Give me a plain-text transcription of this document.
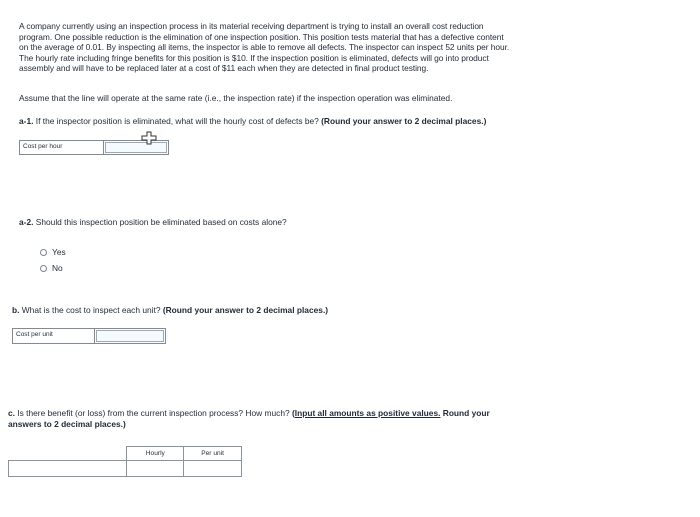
A company currently using an inspection process in its material receiving department is trying to install an overall cost reduction
program. One possible reduction is the elimination of one inspection position. This position tests material that has a defective content
on the average of 0.01. By inspecting all items, the inspector is able to remove all defects. The inspector can inspect 52 units per hour.
The hourly rate including fringe benefits for this position is $10. If the inspection position is eliminated, defects will go into product
assembly and will have to be replaced later at a cost of $11 each when they are detected in final product testing.
Assume that the line will operate at the same rate (i.e., the inspection rate) if the inspection operation was eliminated.
a-1. If the inspector position is eliminated, what will the hourly cost of defects be? (Round your answer to 2 decimal places.)
Cost per hour
a-2. Should this inspection position be eliminated based on costs alone?
Yes
No
b. What is the cost to inspect each unit? (Round your answer to 2 decimal places.)
Cost per unit
c. Is there benefit (or loss) from the current inspection process? How much? (Input all amounts as positive values. Round your
answers to 2 decimal places.)
	Hourly	Per unit
